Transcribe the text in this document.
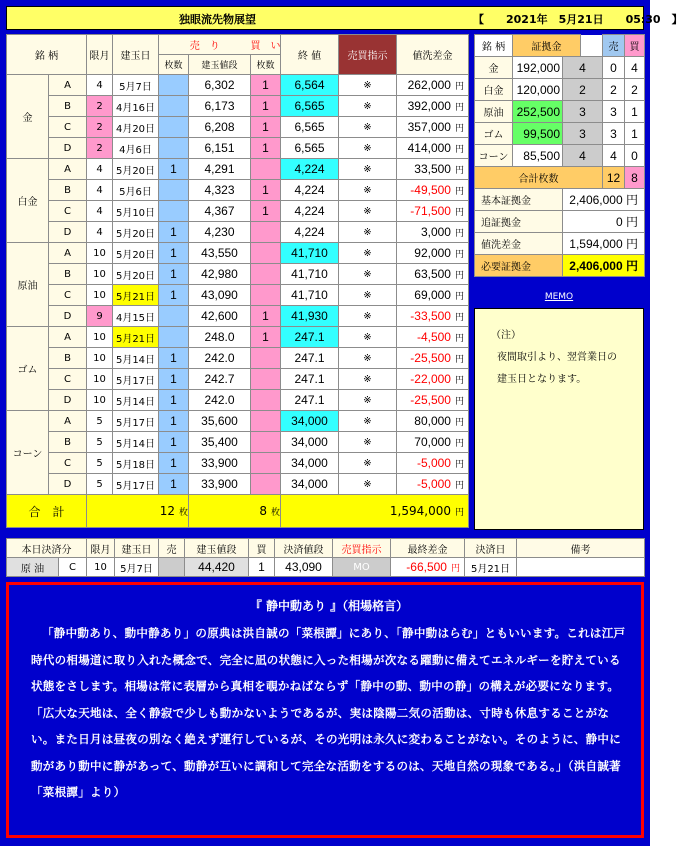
独眼流先物展望	【　　2021年　5月21日　　05:30　】
銘 柄		限月	建玉日	売　り		買　い	終 値	売買指示	値洗差金
				枚数	建玉値段	枚数			
金	A	4	5月7日		6,302	1	6,564	※	262,000 円
	B	2	4月16日		6,173	1	6,565	※	392,000 円
	C	2	4月20日		6,208	1	6,565	※	357,000 円
	D	2	4月6日		6,151	1	6,565	※	414,000 円
白金	A	4	5月20日	1	4,291		4,224	※	33,500 円
	B	4	5月6日		4,323	1	4,224	※	-49,500 円
	C	4	5月10日		4,367	1	4,224	※	-71,500 円
	D	4	5月20日	1	4,230		4,224	※	3,000 円
原油	A	10	5月20日	1	43,550		41,710	※	92,000 円
	B	10	5月20日	1	42,980		41,710	※	63,500 円
	C	10	5月21日	1	43,090		41,710	※	69,000 円
	D	9	4月15日		42,600	1	41,930	※	-33,500 円
ゴム	A	10	5月21日		248.0	1	247.1	※	-4,500 円
	B	10	5月14日	1	242.0		247.1	※	-25,500 円
	C	10	5月17日	1	242.7		247.1	※	-22,000 円
	D	10	5月14日	1	242.0		247.1	※	-25,500 円
コーン	A	5	5月17日	1	35,600		34,000	※	80,000 円
	B	5	5月14日	1	35,400		34,000	※	70,000 円
	C	5	5月18日	1	33,900		34,000	※	-5,000 円
	D	5	5月17日	1	33,900		34,000	※	-5,000 円
合　計		12 枚			8 枚		1,594,000 円		
銘 柄	証拠金			売	買
金	192,000	4		0	4
白金	120,000	2		2	2
原油	252,500	3		3	1
ゴム	99,500	3		3	1
コーン	85,500	4		4	0
合計枚数				12	8
基本証拠金		2,406,000 円			
追証拠金		0 円			
値洗差金		1,594,000 円			
必要証拠金		2,406,000 円			
MEMO
（注）
夜間取引より、翌営業日の
建玉日となります。
本日決済分		限月	建玉日	売	建玉値段	買	決済値段	売買指示	最終差金	決済日	備考
原 油	C	10	5月7日		44,420	1	43,090	MO	-66,500 円	5月21日	
『 静中動あり 』（相場格言）
「静中動あり、動中静あり」の原典は洪自誠の「菜根譚」にあり、「静中動はらむ」ともいいます。これは江戸時代の相場道に取り入れた概念で、完全に凪の状態に入った相場が次なる躍動に備えてエネルギーを貯えている状態をさします。相場は常に表層から真相を覗かねばならず「静中の動、動中の静」の構えが必要になります。「広大な天地は、全く静寂で少しも動かないようであるが、実は陰陽二気の活動は、寸時も休息することがない。また日月は昼夜の別なく絶えず運行しているが、その光明は永久に変わることがない。そのように、静中に動があり動中に静があって、動静が互いに調和して完全な活動をするのは、天地自然の現象である。」（洪自誠著「菜根譚」より）
